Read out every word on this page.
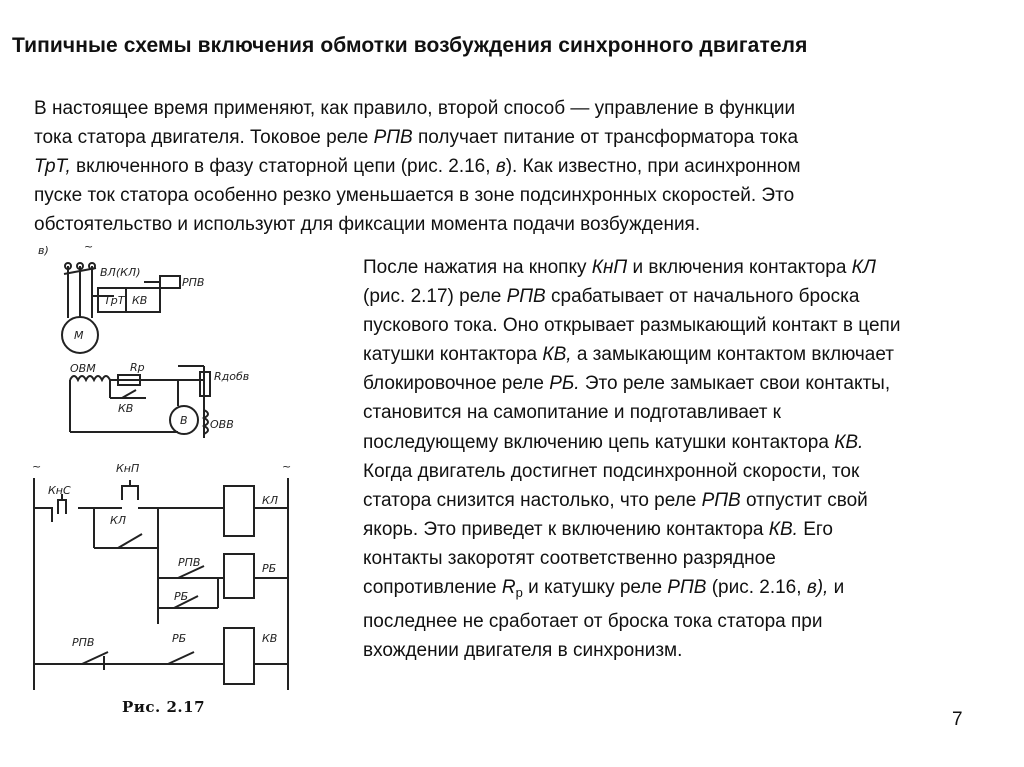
Типичные схемы включения обмотки возбуждения синхронного двигателя
В настоящее время применяют, как правило, второй способ — управление в функции
тока статора двигателя. Токовое реле РПВ получает питание от трансформатора тока
ТрТ, включенного в фазу статорной цепи (рис. 2.16, в). Как известно, при асинхронном
пуске ток статора особенно резко уменьшается в зоне подсинхронных скоростей. Это
обстоятельство и используют для фиксации момента подачи возбуждения.
После нажатия на кнопку КнП и включения контактора КЛ
(рис. 2.17) реле РПВ срабатывает от начального броска
пускового тока. Оно открывает размыкающий контакт в цепи
катушки контактора КВ, а замыкающим контактом включает
блокировочное реле РБ. Это реле замыкает свои контакты,
становится на самопитание и подготавливает к
последующему включению цепь катушки контактора КВ.
Когда двигатель достигнет подсинхронной скорости, ток
статора снизится настолько, что реле РПВ отпустит свой
якорь. Это приведет к включению контактора КВ. Его
контакты закоротят соответственно разрядное
сопротивление $R_р$ и катушку реле РПВ (рис. 2.16, в), и
последнее не сработает от броска тока статора при
вхождении двигателя в синхронизм.
в)	~
ВЛ(КЛ)
ТрТ КВ
РПВ
М
ОВМ	Rр
КВ
В
Rдобв
ОВВ
~	~
КнС
КнП
КЛ
КЛ
РПВ	РБ
РБ
РПВ	РБ	КВ
Рис. 2.17
7
